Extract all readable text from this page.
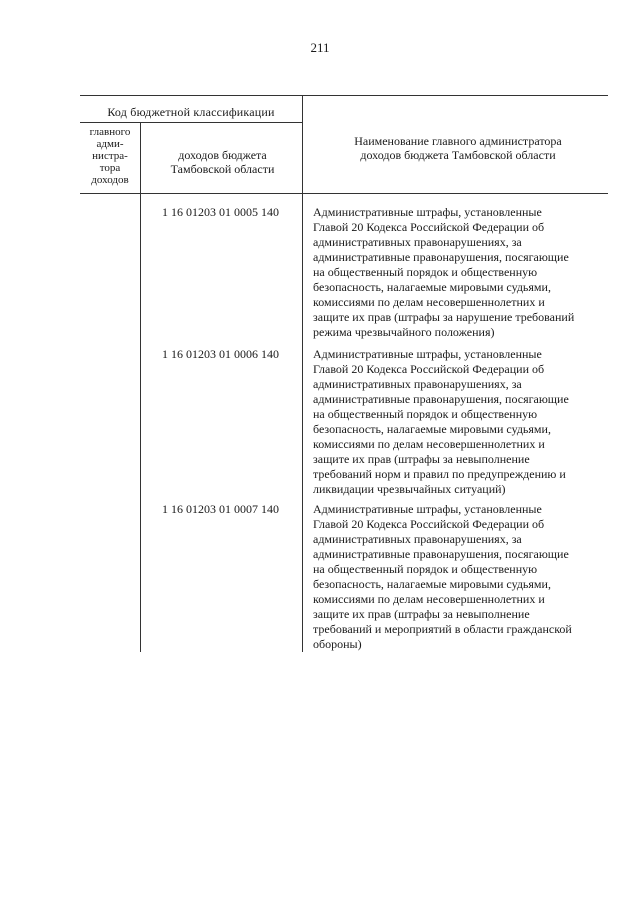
211
Код бюджетной классификации
главного
адми-
нистра-
тора
доходов
доходов бюджета
Тамбовской области
Наименование главного администратора
доходов бюджета Тамбовской области
1 16 01203 01 0005 140	Административные штрафы, установленные
Главой 20 Кодекса Российской Федерации об
административных правонарушениях, за
административные правонарушения, посягающие
на общественный порядок и общественную
безопасность, налагаемые мировыми судьями,
комиссиями по делам несовершеннолетних и
защите их прав (штрафы за нарушение требований
режима чрезвычайного положения)
1 16 01203 01 0006 140	Административные штрафы, установленные
Главой 20 Кодекса Российской Федерации об
административных правонарушениях, за
административные правонарушения, посягающие
на общественный порядок и общественную
безопасность, налагаемые мировыми судьями,
комиссиями по делам несовершеннолетних и
защите их прав (штрафы за невыполнение
требований норм и правил по предупреждению и
ликвидации чрезвычайных ситуаций)
1 16 01203 01 0007 140	Административные штрафы, установленные
Главой 20 Кодекса Российской Федерации об
административных правонарушениях, за
административные правонарушения, посягающие
на общественный порядок и общественную
безопасность, налагаемые мировыми судьями,
комиссиями по делам несовершеннолетних и
защите их прав (штрафы за невыполнение
требований и мероприятий в области гражданской
обороны)
